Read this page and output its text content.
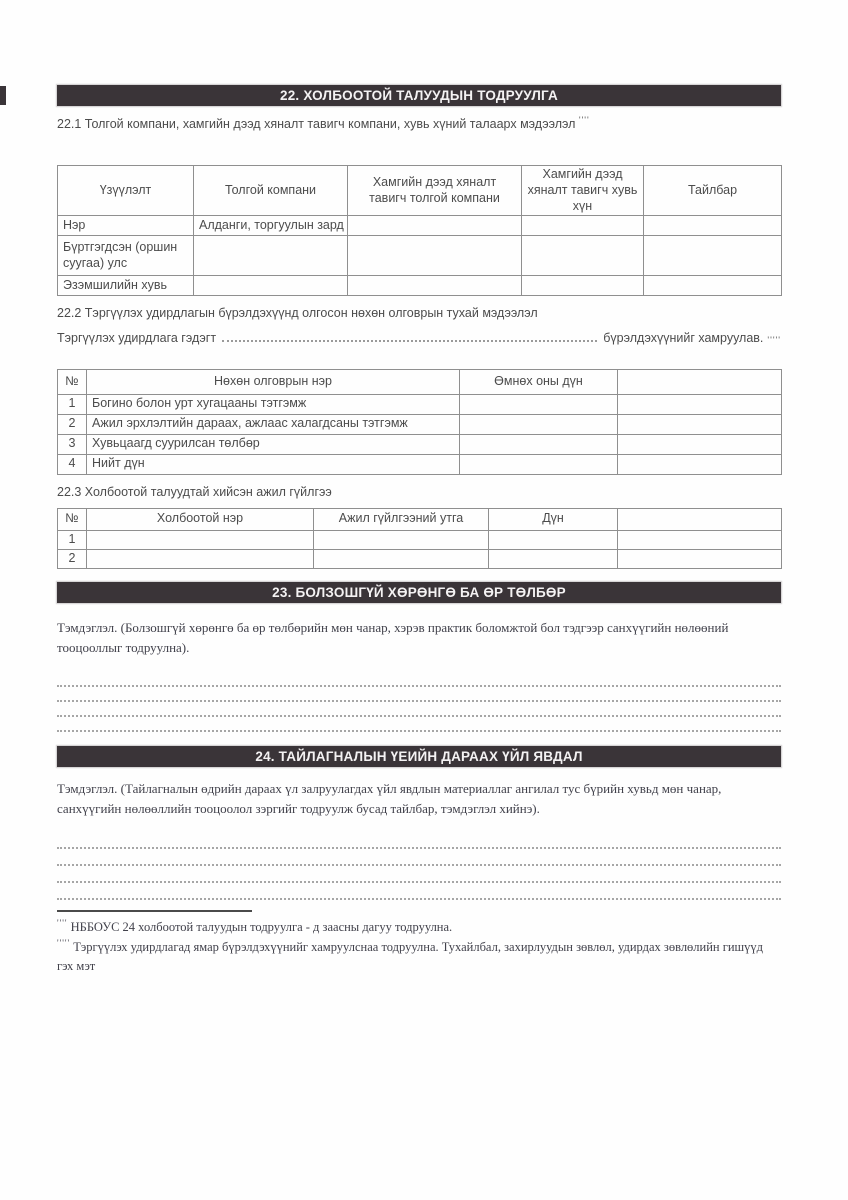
22. ХОЛБООТОЙ ТАЛУУДЫН ТОДРУУЛГА

22.1 Толгой компани, хамгийн дээд хяналт тавигч компани, хувь хүний талаарх мэдээлэл ''''

Үзүүлэлт	Толгой компани	Хамгийн дээд хяналт тавигч толгой компани	Хамгийн дээд хяналт тавигч хувь хүн	Тайлбар
Нэр	Алданги, торгуулын зард			
Бүртгэгдсэн (оршин суугаа) улс				
Эзэмшилийн хувь				

22.2 Тэргүүлэх удирдлагын бүрэлдэхүүнд олгосон нөхөн олговрын тухай мэдээлэл

Тэргүүлэх удирдлага гэдэгт	бүрэлдэхүүнийг хамруулав. '''''
№	Нөхөн олговрын нэр	Өмнөх оны дүн	
1	Богино болон урт хугацааны тэтгэмж		
2	Ажил эрхлэлтийн дараах, ажлаас халагдсаны тэтгэмж		
3	Хувьцаагд суурилсан төлбөр		
4	Нийт дүн		

22.3 Холбоотой талуудтай хийсэн ажил гүйлгээ

№	Холбоотой нэр	Ажил гүйлгээний утга	Дүн	
1				
2				
23. БОЛЗОШГҮЙ ХӨРӨНГӨ БА ӨР ТӨЛБӨР

Тэмдэглэл. (Болзошгүй хөрөнгө ба өр төлбөрийн мөн чанар, хэрэв практик боломжтой бол тэдгээр санхүүгийн нөлөөний тооцооллыг тодруулна).

24. ТАЙЛАГНАЛЫН ҮЕИЙН ДАРААХ ҮЙЛ ЯВДАЛ

Тэмдэглэл. (Тайлагналын өдрийн дараах үл залруулагдах үйл явдлын материаллаг ангилал тус бүрийн хувьд мөн чанар, санхүүгийн нөлөөллийн тооцоолол зэргийг тодруулж бусад тайлбар, тэмдэглэл хийнэ).

'''' НББОУС 24 холбоотой талуудын тодруулга - д заасны дагуу тодруулна.

''''' Тэргүүлэх удирдлагад ямар бүрэлдэхүүнийг хамруулснаа тодруулна. Тухайлбал, захирлуудын зөвлөл, удирдах зөвлөлийн гишүүд гэх мэт
